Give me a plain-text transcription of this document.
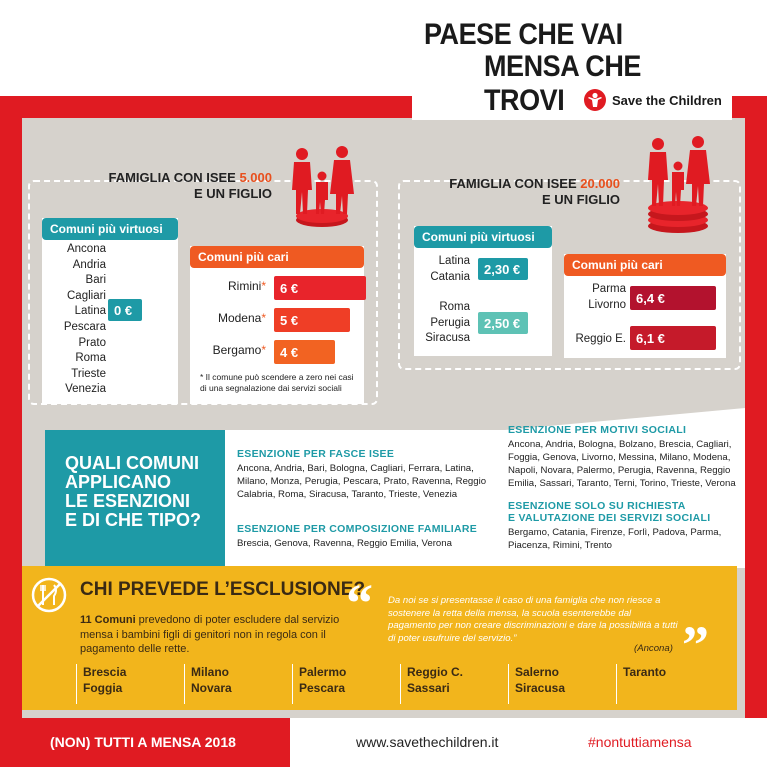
PAESE CHE VAI
MENSA CHE TROVI	Save the Children
FAMIGLIA CON ISEE 5.000
E UN FIGLIO
Comuni più virtuosi
Ancona
Andria
Bari
Cagliari
Latina
Pescara
Prato
Roma
Trieste
Venezia
0 €
Comuni più cari
Rimini*	6 €
Modena*	5 €
Bergamo*	4 €
* Il comune può scendere a zero nei casi di una segnalazione dai servizi sociali
FAMIGLIA CON ISEE 20.000
E UN FIGLIO
Comuni più virtuosi
Latina
Catania
2,30 €
Roma
Perugia
Siracusa
2,50 €
Comuni più cari
Parma
Livorno 6,4 €
Reggio E. 6,1 €
QUALI COMUNI
APPLICANO
LE ESENZIONI
E DI CHE TIPO?
ESENZIONE PER FASCE ISEE
Ancona, Andria, Bari, Bologna, Cagliari, Ferrara, Latina, Milano, Monza, Perugia, Pescara, Prato, Ravenna, Reggio Calabria, Roma, Siracusa, Taranto, Trieste, Venezia
ESENZIONE PER COMPOSIZIONE FAMILIARE
Brescia, Genova, Ravenna, Reggio Emilia, Verona
ESENZIONE PER MOTIVI SOCIALI
Ancona, Andria, Bologna, Bolzano, Brescia, Cagliari, Foggia, Genova, Livorno, Messina, Milano, Modena, Napoli, Novara, Palermo, Perugia, Ravenna, Reggio Emilia, Sassari, Taranto, Terni, Torino, Trieste, Verona
ESENZIONE SOLO SU RICHIESTA
E VALUTAZIONE DEI SERVIZI SOCIALI
Bergamo, Catania, Firenze, Forlì, Padova, Parma, Piacenza, Rimini, Trento
CHI PREVEDE L’ESCLUSIONE?
11 Comuni prevedono di poter escludere dal servizio mensa i bambini figli di genitori non in regola con il pagamento delle rette.
“ Da noi se si presentasse il caso di una famiglia che non riesce a sostenere la retta della mensa, la scuola esenterebbe dal pagamento per non creare discriminazioni e dare la possibilità a tutti di poter usufruire del servizio.”
(Ancona) ”
Brescia
Foggia
Milano
Novara
Palermo
Pescara
Reggio C.
Sassari
Salerno
Siracusa
Taranto
(NON) TUTTI A MENSA 2018	www.savethechildren.it	#nontuttiamensa
